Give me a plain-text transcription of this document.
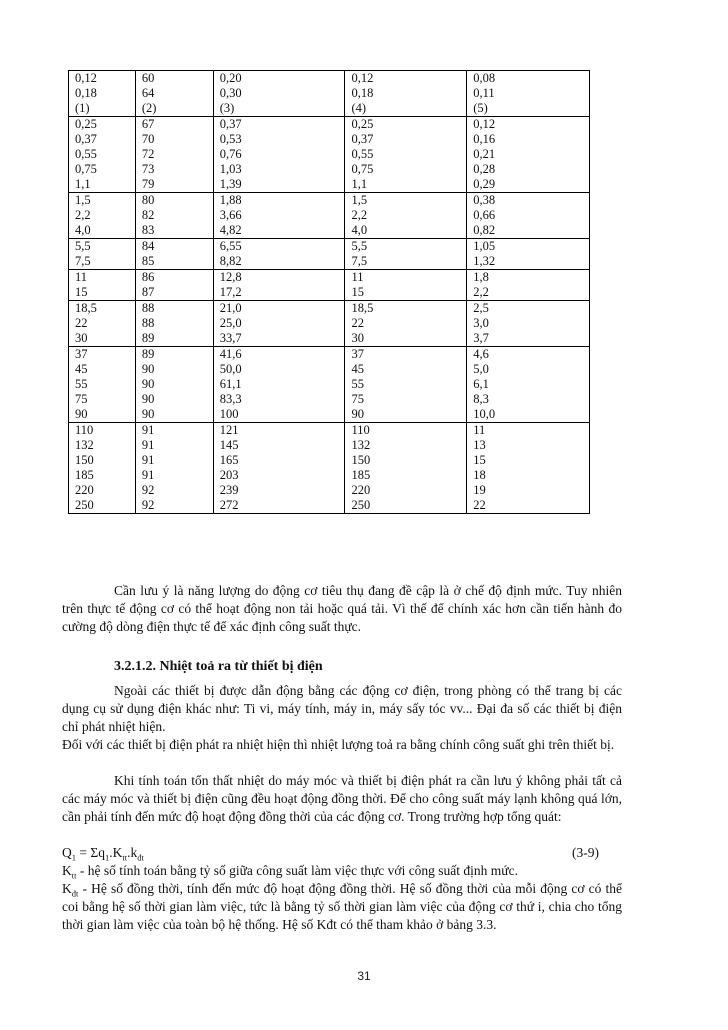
0,12	60	0,20	0,12	0,08
0,18	64	0,30	0,18	0,11
(1)	(2)	(3)	(4)	(5)
0,25	67	0,37	0,25	0,12
0,37	70	0,53	0,37	0,16
0,55	72	0,76	0,55	0,21
0,75	73	1,03	0,75	0,28
1,1	79	1,39	1,1	0,29
1,5	80	1,88	1,5	0,38
2,2	82	3,66	2,2	0,66
4,0	83	4,82	4,0	0,82
5,5	84	6,55	5,5	1,05
7,5	85	8,82	7,5	1,32
11	86	12,8	11	1,8
15	87	17,2	15	2,2
18,5	88	21,0	18,5	2,5
22	88	25,0	22	3,0
30	89	33,7	30	3,7
37	89	41,6	37	4,6
45	90	50,0	45	5,0
55	90	61,1	55	6,1
75	90	83,3	75	8,3
90	90	100	90	10,0
110	91	121	110	11
132	91	145	132	13
150	91	165	150	15
185	91	203	185	18
220	92	239	220	19
250	92	272	250	22

Cần lưu ý là năng lượng do động cơ tiêu thụ đang đề cập là ở chế độ định mức. Tuy nhiên trên thực tế động cơ có thể hoạt động non tải hoặc quá tải. Vì thế để chính xác hơn cần tiến hành đo cường độ dòng điện thực tế để xác định công suất thực.

3.2.1.2. Nhiệt toả ra từ thiết bị điện

Ngoài các thiết bị được dẫn động bằng các động cơ điện, trong phòng có thể trang bị các dụng cụ sử dụng điện khác như: Ti vi, máy tính, máy in, máy sấy tóc vv... Đại đa số các thiết bị điện chỉ phát nhiệt hiện.

Đối với các thiết bị điện phát ra nhiệt hiện thì nhiệt lượng toả ra bằng chính công suất ghi trên thiết bị.

Khi tính toán tổn thất nhiệt do máy móc và thiết bị điện phát ra cần lưu ý không phải tất cả các máy móc và thiết bị điện cũng đều hoạt động đồng thời. Để cho công suất máy lạnh không quá lớn, cần phải tính đến mức độ hoạt động đồng thời của các động cơ. Trong trường hợp tổng quát:

$Q_1 = \Sigma q_1.K_{tt}.k_{đt}$	(3-9)

$K_{tt}$ - hệ số tính toán bằng tỷ số giữa công suất làm việc thực với công suất định mức.

$K_{đt}$ - Hệ số đồng thời, tính đến mức độ hoạt động đồng thời. Hệ số đồng thời của mỗi động cơ có thể coi bằng hệ số thời gian làm việc, tức là bằng tỷ số thời gian làm việc của động cơ thứ i, chia cho tổng thời gian làm việc của toàn bộ hệ thống. Hệ số Kđt có thể tham khảo ở bảng 3.3.

31
